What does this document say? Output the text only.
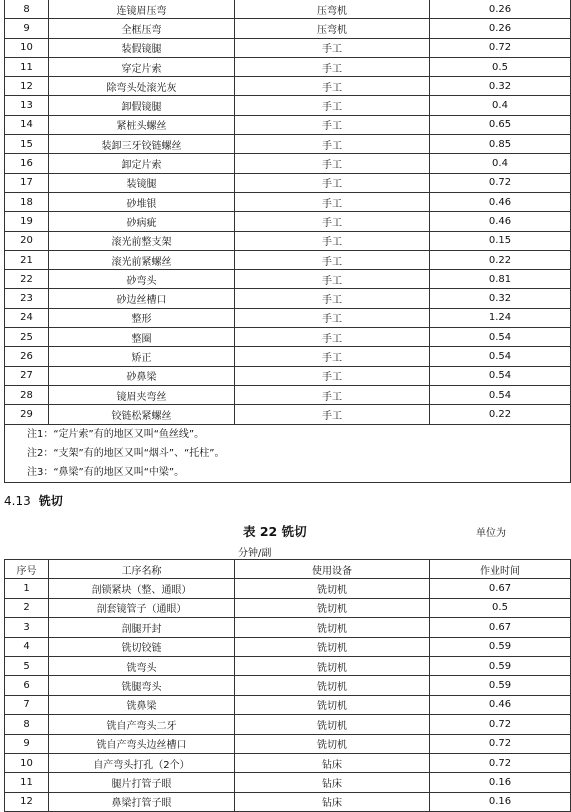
8	连镜眉压弯	压弯机	0.26
9	全框压弯	压弯机	0.26
10	装假镜腿	手工	0.72
11	穿定片索	手工	0.5
12	除弯头处滚光灰	手工	0.32
13	卸假镜腿	手工	0.4
14	紧桩头螺丝	手工	0.65
15	装卸三牙铰链螺丝	手工	0.85
16	卸定片索	手工	0.4
17	装镜腿	手工	0.72
18	砂堆银	手工	0.46
19	砂病疵	手工	0.46
20	滚光前整支架	手工	0.15
21	滚光前紧螺丝	手工	0.22
22	砂弯头	手工	0.81
23	砂边丝槽口	手工	0.32
24	整形	手工	1.24
25	整圈	手工	0.54
26	矫正	手工	0.54
27	砂鼻梁	手工	0.54
28	镜眉夹弯丝	手工	0.54
29	铰链松紧螺丝	手工	0.22

注1：“定片索”有的地区又叫“鱼丝线”。
注2：“支架”有的地区又叫“烟斗”、“托柱”。
注3：“鼻梁”有的地区又叫“中梁”。			
4.13 铣切
表 22 铣切	单位为
分钟/副
序号	工序名称	使用设备	作业时间
1	剖锁紧块（整、通眼）	铣切机	0.67
2	剖套镜管子（通眼）	铣切机	0.5
3	剖腿开封	铣切机	0.67
4	铣切铰链	铣切机	0.59
5	铣弯头	铣切机	0.59
6	铣腿弯头	铣切机	0.59
7	铣鼻梁	铣切机	0.46
8	铣自产弯头二牙	铣切机	0.72
9	铣自产弯头边丝槽口	铣切机	0.72
10	自产弯头打孔（2个）	钻床	0.72
11	腿片打管子眼	钻床	0.16
12	鼻梁打管子眼	钻床	0.16
